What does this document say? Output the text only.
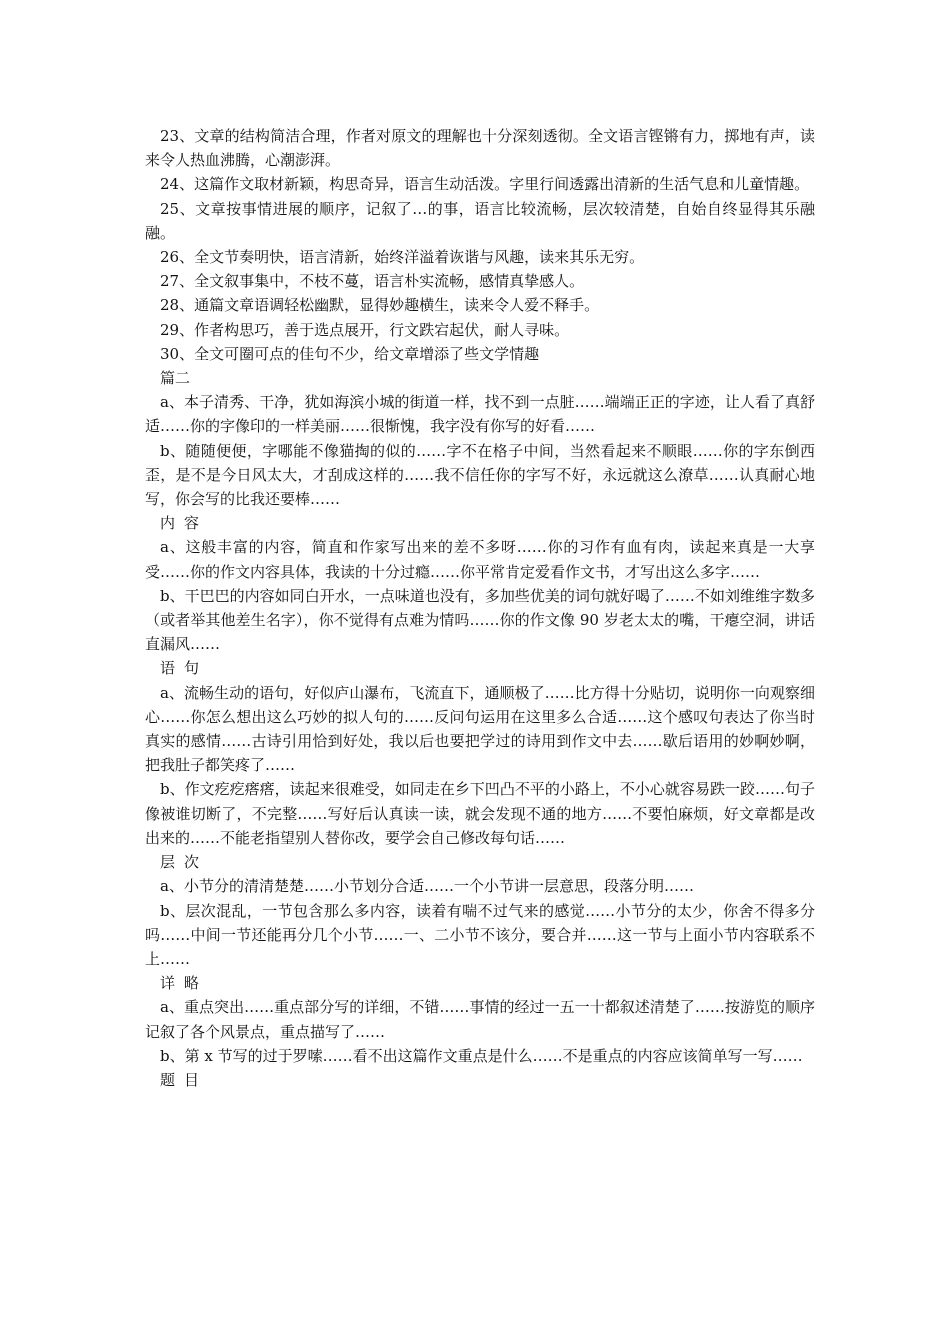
23、文章的结构简洁合理，作者对原文的理解也十分深刻透彻。全文语言铿锵有力，掷地有声，读来令人热血沸腾，心潮澎湃。

24、这篇作文取材新颖，构思奇异，语言生动活泼。字里行间透露出清新的生活气息和儿童情趣。

25、文章按事情进展的顺序，记叙了…的事，语言比较流畅，层次较清楚，自始自终显得其乐融融。

26、全文节奏明快，语言清新，始终洋溢着诙谐与风趣，读来其乐无穷。

27、全文叙事集中，不枝不蔓，语言朴实流畅，感情真挚感人。

28、通篇文章语调轻松幽默，显得妙趣横生，读来令人爱不释手。

29、作者构思巧，善于选点展开，行文跌宕起伏，耐人寻味。

30、全文可圈可点的佳句不少，给文章增添了些文学情趣

篇二

a、本子清秀、干净，犹如海滨小城的街道一样，找不到一点脏……端端正正的字迹，让人看了真舒适……你的字像印的一样美丽……很惭愧，我字没有你写的好看……

b、随随便便，字哪能不像猫掏的似的……字不在格子中间，当然看起来不顺眼……你的字东倒西歪，是不是今日风太大，才刮成这样的……我不信任你的字写不好，永远就这么潦草……认真耐心地写，你会写的比我还要棒……

内容

a、这般丰富的内容，简直和作家写出来的差不多呀……你的习作有血有肉，读起来真是一大享受……你的作文内容具体，我读的十分过瘾……你平常肯定爱看作文书，才写出这么多字……

b、干巴巴的内容如同白开水，一点味道也没有，多加些优美的词句就好喝了……不如刘维维字数多（或者举其他差生名字），你不觉得有点难为情吗……你的作文像 90 岁老太太的嘴，干瘪空洞，讲话直漏风……

语句

a、流畅生动的语句，好似庐山瀑布，飞流直下，通顺极了……比方得十分贴切，说明你一向观察细心……你怎么想出这么巧妙的拟人句的……反问句运用在这里多么合适……这个感叹句表达了你当时真实的感情……古诗引用恰到好处，我以后也要把学过的诗用到作文中去……歇后语用的妙啊妙啊，把我肚子都笑疼了……

b、作文疙疙瘩瘩，读起来很难受，如同走在乡下凹凸不平的小路上，不小心就容易跌一跤……句子像被谁切断了，不完整……写好后认真读一读，就会发现不通的地方……不要怕麻烦，好文章都是改出来的……不能老指望别人替你改，要学会自己修改每句话……

层次

a、小节分的清清楚楚……小节划分合适……一个小节讲一层意思，段落分明……

b、层次混乱，一节包含那么多内容，读着有喘不过气来的感觉……小节分的太少，你舍不得多分吗……中间一节还能再分几个小节……一、二小节不该分，要合并……这一节与上面小节内容联系不上……

详略

a、重点突出……重点部分写的详细，不错……事情的经过一五一十都叙述清楚了……按游览的顺序记叙了各个风景点，重点描写了……

b、第 x 节写的过于罗嗦……看不出这篇作文重点是什么……不是重点的内容应该简单写一写……

题目
